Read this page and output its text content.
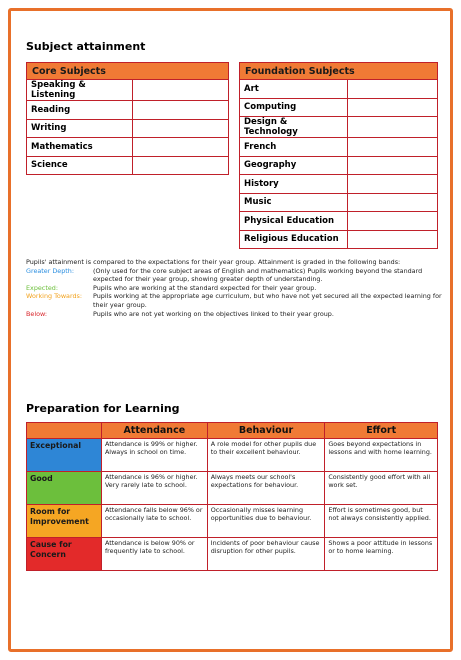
Subject attainment
Core Subjects	
Speaking & Listening	
Reading	
Writing	
Mathematics	
Science	
Foundation Subjects	
Art	
Computing	
Design & Technology	
French	
Geography	
History	
Music	
Physical Education	
Religious Education	
Pupils' attainment is compared to the expectations for their year group. Attainment is graded in the following bands:
Greater Depth:	(Only used for the core subject areas of English and mathematics) Pupils working beyond the standard expected for their year group, showing greater depth of understanding.
Expected:	Pupils who are working at the standard expected for their year group.
Working Towards:	Pupils working at the appropriate age curriculum, but who have not yet secured all the expected learning for their year group.
Below:	Pupils who are not yet working on the objectives linked to their year group.
Preparation for Learning
	Attendance	Behaviour	Effort
Exceptional	Attendance is 99% or higher. Always in school on time.	A role model for other pupils due to their excellent behaviour.	Goes beyond expectations in lessons and with home learning.
Good	Attendance is 96% or higher. Very rarely late to school.	Always meets our school's expectations for behaviour.	Consistently good effort with all work set.
Room for Improvement	Attendance falls below 96% or occasionally late to school.	Occasionally misses learning opportunities due to behaviour.	Effort is sometimes good, but not always consistently applied.
Cause for Concern	Attendance is below 90% or frequently late to school.	Incidents of poor behaviour cause disruption for other pupils.	Shows a poor attitude in lessons or to home learning.
